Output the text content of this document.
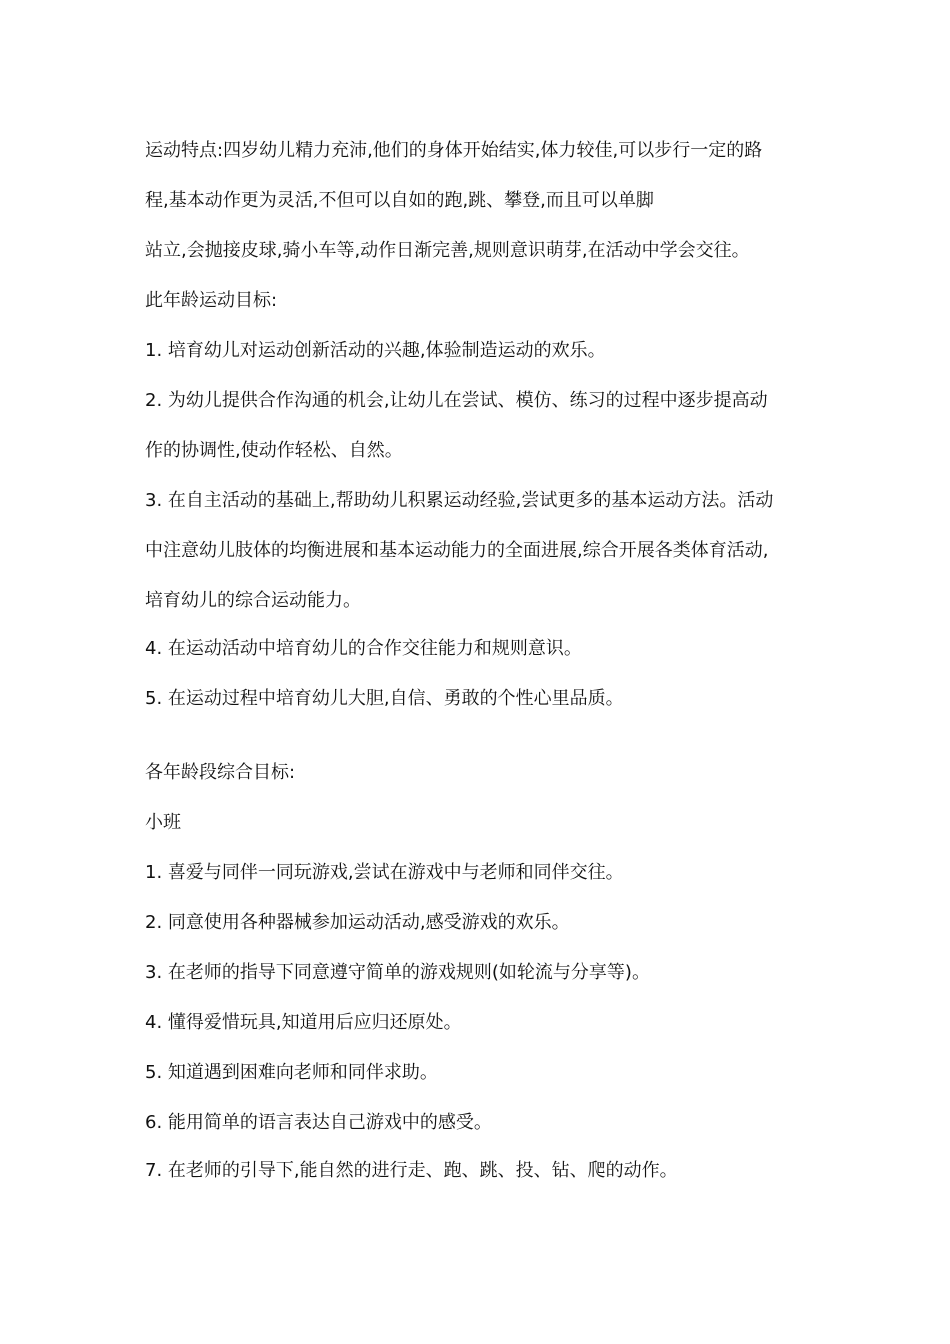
运动特点:四岁幼儿精力充沛,他们的身体开始结实,体力较佳,可以步行一定的路
程,基本动作更为灵活,不但可以自如的跑,跳、攀登,而且可以单脚
站立,会抛接皮球,骑小车等,动作日渐完善,规则意识萌芽,在活动中学会交往。
此年龄运动目标:
1. 培育幼儿对运动创新活动的兴趣,体验制造运动的欢乐。
2. 为幼儿提供合作沟通的机会,让幼儿在尝试、模仿、练习的过程中逐步提高动
作的协调性,使动作轻松、自然。
3. 在自主活动的基础上,帮助幼儿积累运动经验,尝试更多的基本运动方法。活动
中注意幼儿肢体的均衡进展和基本运动能力的全面进展,综合开展各类体育活动,
培育幼儿的综合运动能力。
4. 在运动活动中培育幼儿的合作交往能力和规则意识。
5. 在运动过程中培育幼儿大胆,自信、勇敢的个性心里品质。
各年龄段综合目标:
小班
1. 喜爱与同伴一同玩游戏,尝试在游戏中与老师和同伴交往。
2. 同意使用各种器械参加运动活动,感受游戏的欢乐。
3. 在老师的指导下同意遵守简单的游戏规则(如轮流与分享等)。
4. 懂得爱惜玩具,知道用后应归还原处。
5. 知道遇到困难向老师和同伴求助。
6. 能用简单的语言表达自己游戏中的感受。
7. 在老师的引导下,能自然的进行走、跑、跳、投、钻、爬的动作。
